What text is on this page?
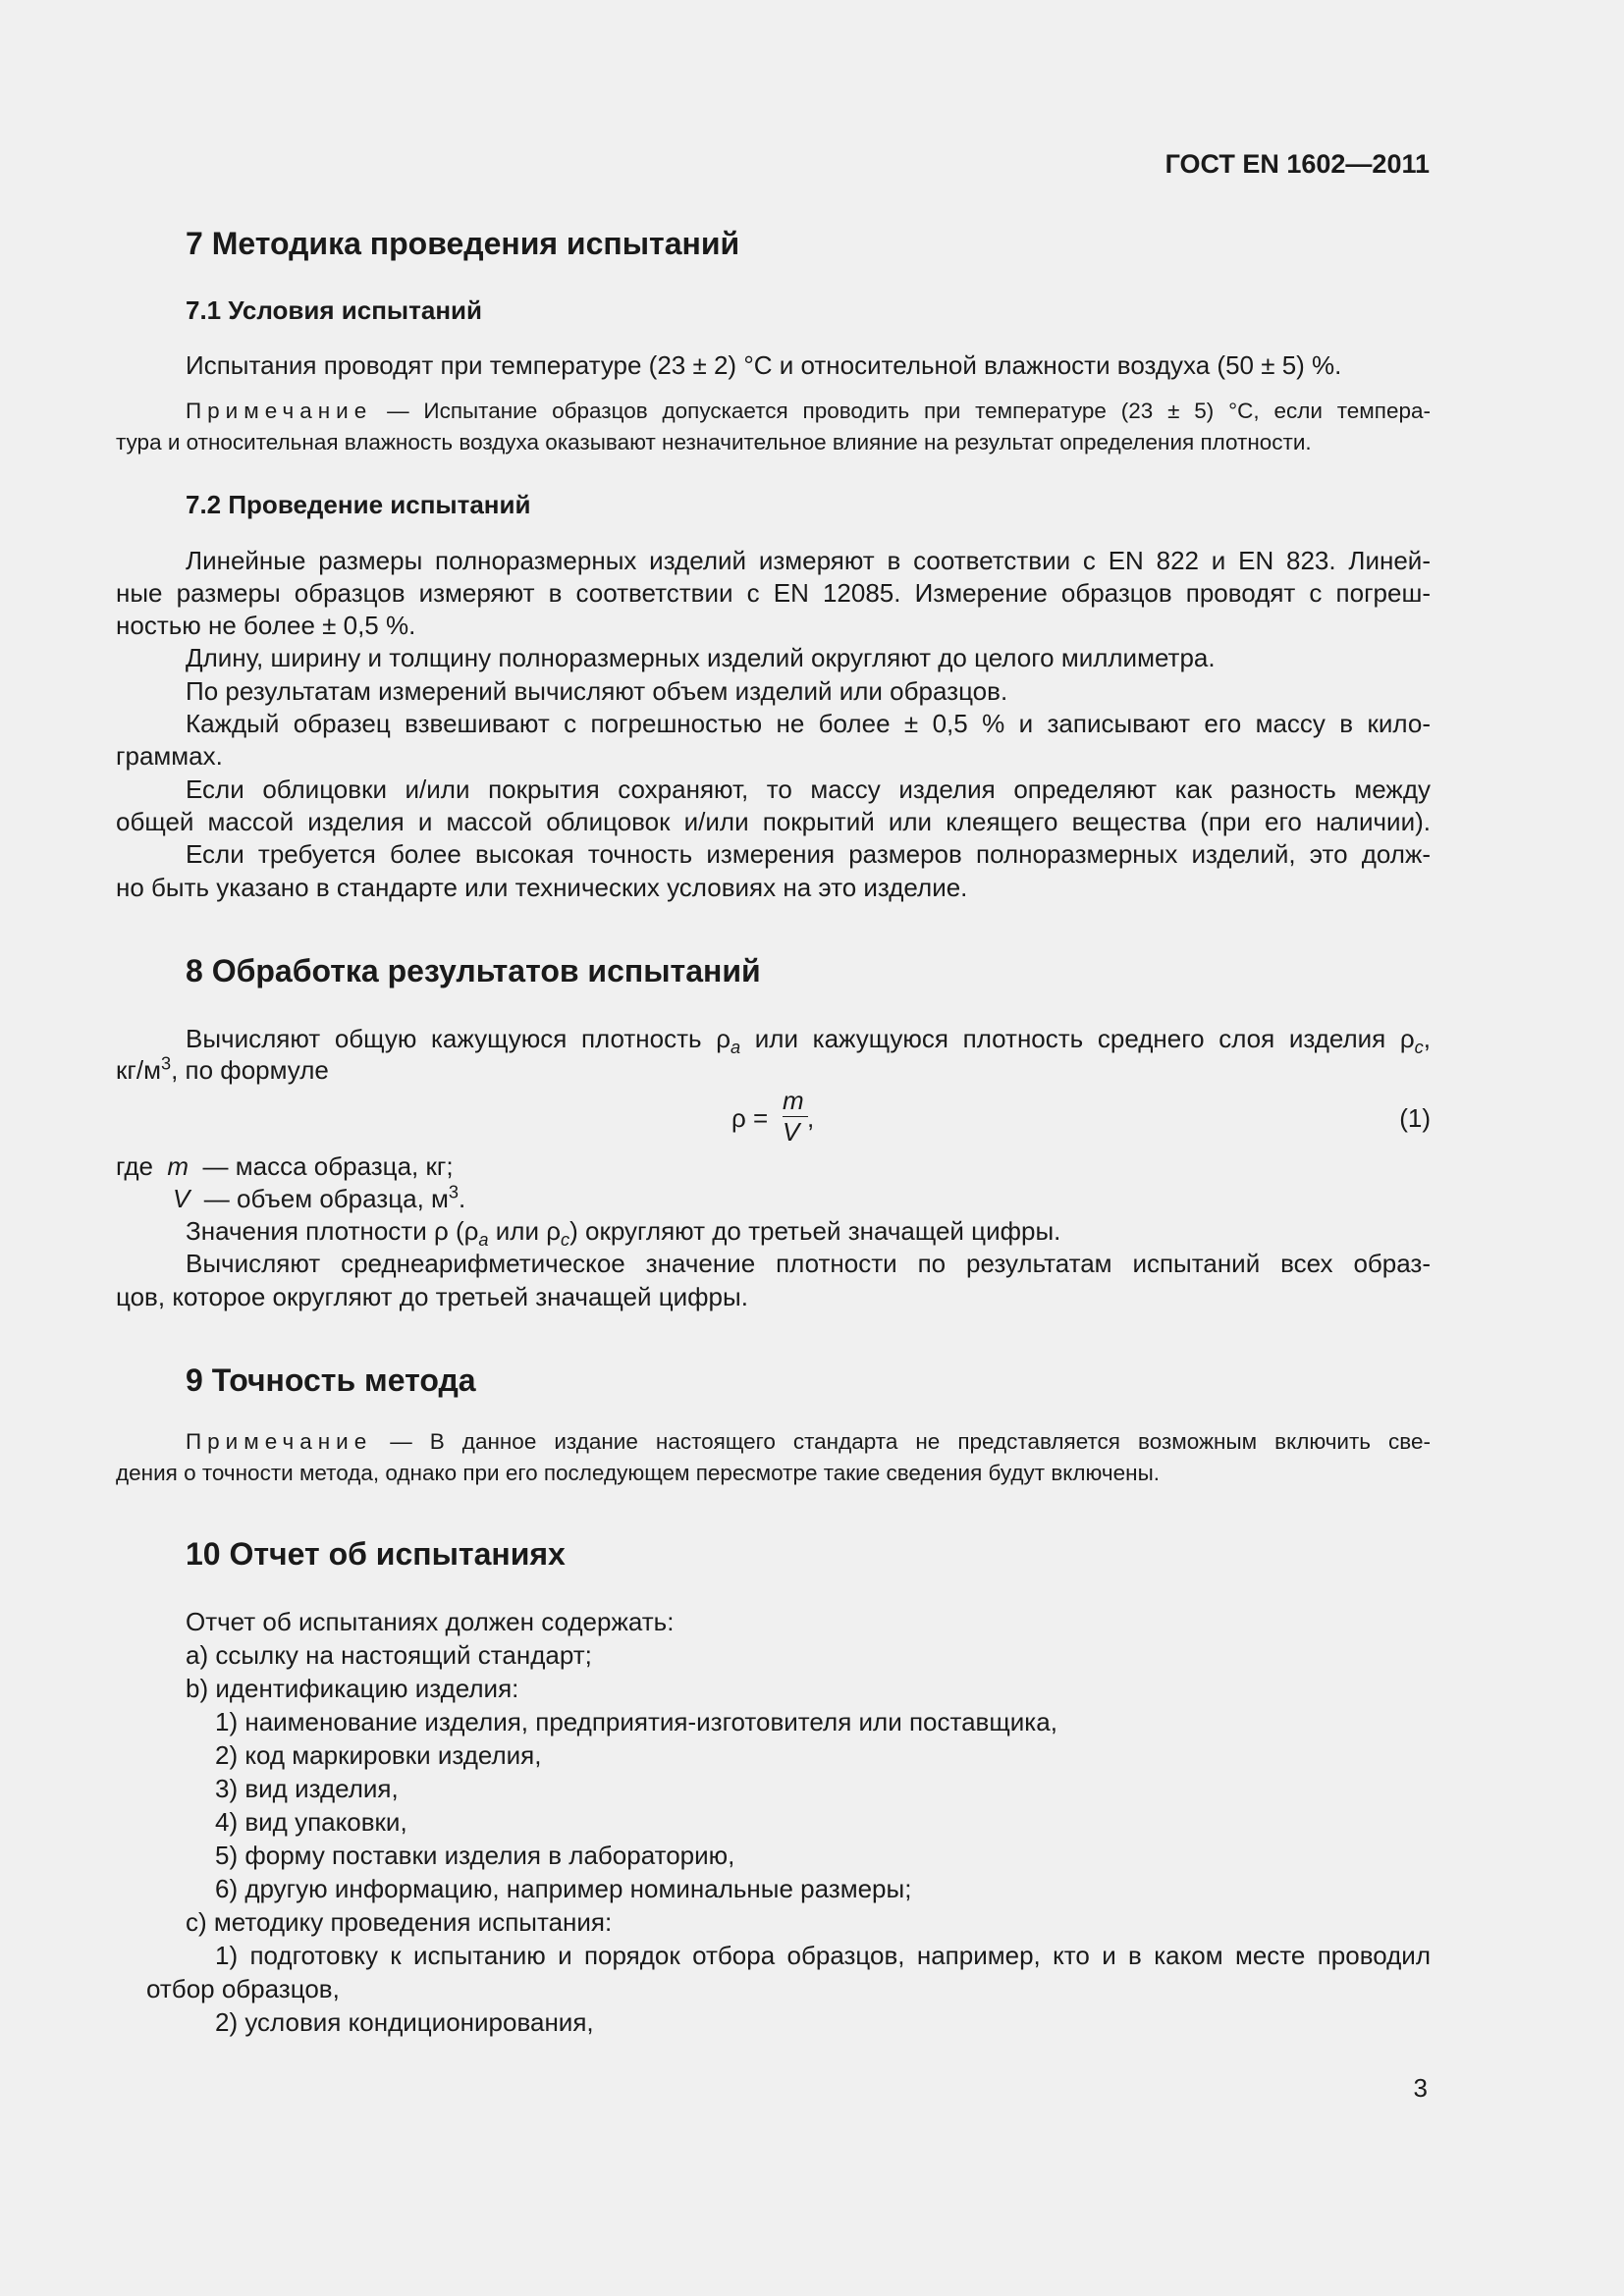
ГОСТ EN 1602—2011
7 Методика проведения испытаний
7.1 Условия испытаний
Испытания проводят при температуре (23 ± 2) °С и относительной влажности воздуха (50 ± 5) %.
Примечание — Испытание образцов допускается проводить при температуре (23 ± 5) °С, если темпера-
тура и относительная влажность воздуха оказывают незначительное влияние на результат определения плотности.
7.2 Проведение испытаний
Линейные размеры полноразмерных изделий измеряют в соответствии с EN 822 и EN 823. Линей-
ные размеры образцов измеряют в соответствии с EN 12085. Измерение образцов проводят с погреш-
ностью не более ± 0,5 %.
Длину, ширину и толщину полноразмерных изделий округляют до целого миллиметра.
По результатам измерений вычисляют объем изделий или образцов.
Каждый образец взвешивают с погрешностью не более ± 0,5 % и записывают его массу в кило-
граммах.
Если облицовки и/или покрытия сохраняют, то массу изделия определяют как разность между
общей массой изделия и массой облицовок и/или покрытий или клеящего вещества (при его наличии).
Если требуется более высокая точность измерения размеров полноразмерных изделий, это долж-
но быть указано в стандарте или технических условиях на это изделие.
8 Обработка результатов испытаний
Вычисляют общую кажущуюся плотность $\rho_a$ или кажущуюся плотность среднего слоя изделия $\rho_c$,
$кг/м^3$, по формуле
ρ =
m
V ,	(1)
где m — масса образца, кг;
V — объем образца, $м^3$.
Значения плотности ρ ($\rho_a$ или $\rho_c$) округляют до третьей значащей цифры.
Вычисляют среднеарифметическое значение плотности по результатам испытаний всех образ-
цов, которое округляют до третьей значащей цифры.
9 Точность метода
Примечание — В данное издание настоящего стандарта не представляется возможным включить све-
дения о точности метода, однако при его последующем пересмотре такие сведения будут включены.
10 Отчет об испытаниях
Отчет об испытаниях должен содержать:
a) ссылку на настоящий стандарт;
b) идентификацию изделия:
1) наименование изделия, предприятия-изготовителя или поставщика,
2) код маркировки изделия,
3) вид изделия,
4) вид упаковки,
5) форму поставки изделия в лабораторию,
6) другую информацию, например номинальные размеры;
c) методику проведения испытания:
1) подготовку к испытанию и порядок отбора образцов, например, кто и в каком месте проводил
отбор образцов,
2) условия кондиционирования,
3
